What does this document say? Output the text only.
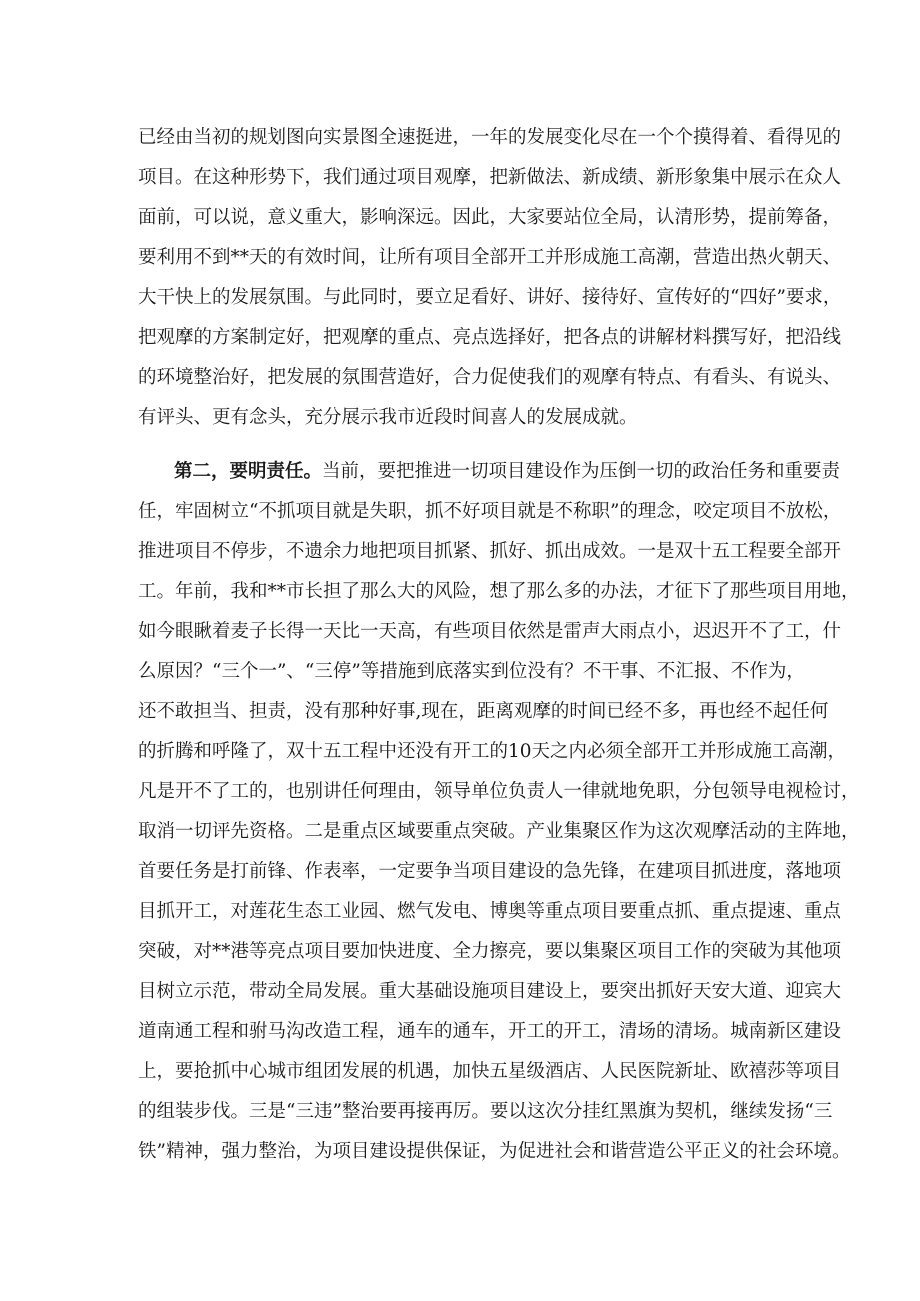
已经由当初的规划图向实景图全速挺进，一年的发展变化尽在一个个摸得着、看得见的
项目。在这种形势下，我们通过项目观摩，把新做法、新成绩、新形象集中展示在众人
面前，可以说，意义重大，影响深远。因此，大家要站位全局，认清形势，提前筹备，
要利用不到**天的有效时间，让所有项目全部开工并形成施工高潮，营造出热火朝天、
大干快上的发展氛围。与此同时，要立足看好、讲好、接待好、宣传好的“四好”要求，
把观摩的方案制定好，把观摩的重点、亮点选择好，把各点的讲解材料撰写好，把沿线
的环境整治好，把发展的氛围营造好，合力促使我们的观摩有特点、有看头、有说头、
有评头、更有念头，充分展示我市近段时间喜人的发展成就。
第二，要明责任。当前，要把推进一切项目建设作为压倒一切的政治任务和重要责
任，牢固树立“不抓项目就是失职，抓不好项目就是不称职”的理念，咬定项目不放松，
推进项目不停步，不遗余力地把项目抓紧、抓好、抓出成效。一是双十五工程要全部开
工。年前，我和**市长担了那么大的风险，想了那么多的办法，才征下了那些项目用地，
如今眼瞅着麦子长得一天比一天高，有些项目依然是雷声大雨点小，迟迟开不了工，什
么原因？“三个一”、“三停”等措施到底落实到位没有？不干事、不汇报、不作为，
还不敢担当、担责，没有那种好事,现在，距离观摩的时间已经不多，再也经不起任何
的折腾和呼隆了，双十五工程中还没有开工的10天之内必须全部开工并形成施工高潮，
凡是开不了工的，也别讲任何理由，领导单位负责人一律就地免职，分包领导电视检讨，
取消一切评先资格。二是重点区域要重点突破。产业集聚区作为这次观摩活动的主阵地，
首要任务是打前锋、作表率，一定要争当项目建设的急先锋，在建项目抓进度，落地项
目抓开工，对莲花生态工业园、燃气发电、博奥等重点项目要重点抓、重点提速、重点
突破，对**港等亮点项目要加快进度、全力擦亮，要以集聚区项目工作的突破为其他项
目树立示范，带动全局发展。重大基础设施项目建设上，要突出抓好天安大道、迎宾大
道南通工程和驸马沟改造工程，通车的通车，开工的开工，清场的清场。城南新区建设
上，要抢抓中心城市组团发展的机遇，加快五星级酒店、人民医院新址、欧禧莎等项目
的组装步伐。三是“三违”整治要再接再厉。要以这次分挂红黑旗为契机，继续发扬“三
铁”精神，强力整治，为项目建设提供保证，为促进社会和谐营造公平正义的社会环境。
